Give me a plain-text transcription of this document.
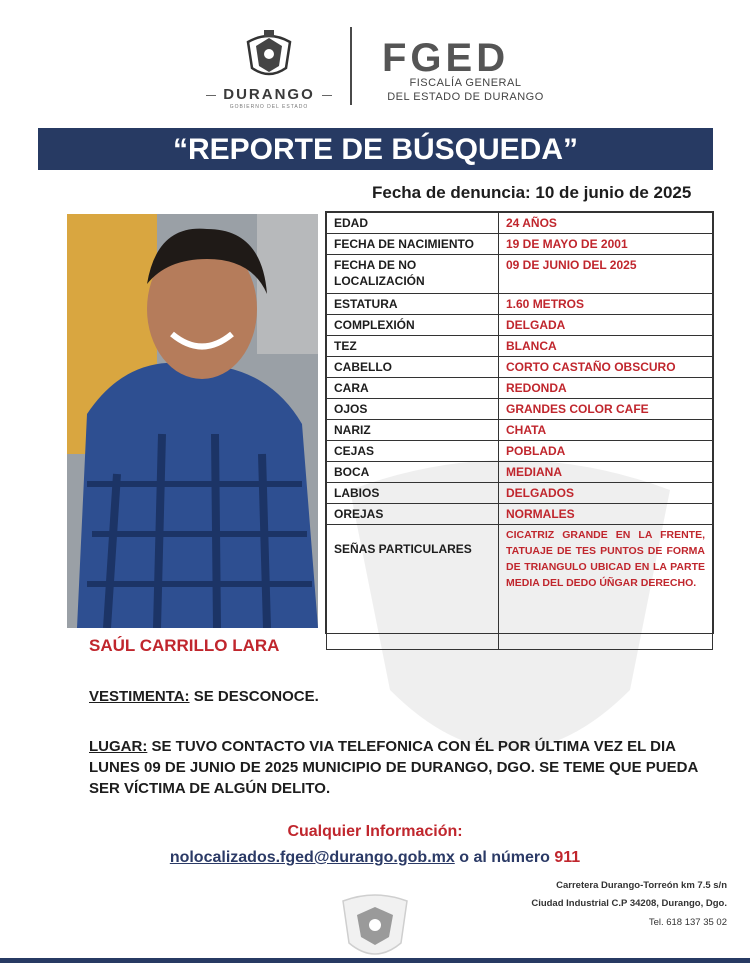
DURANGO
GOBIERNO DEL ESTADO
FGED
FISCALÍA GENERAL
DEL ESTADO DE DURANGO
“REPORTE DE BÚSQUEDA”
Fecha de denuncia: 10 de junio de 2025
EDAD	24 AÑOS
FECHA DE NACIMIENTO	19 DE MAYO DE 2001
FECHA DE NO LOCALIZACIÓN	09 DE JUNIO DEL 2025
ESTATURA	1.60 METROS
COMPLEXIÓN	DELGADA
TEZ	BLANCA
CABELLO	CORTO CASTAÑO OBSCURO
CARA	REDONDA
OJOS	GRANDES COLOR CAFE
NARIZ	CHATA
CEJAS	POBLADA
BOCA	MEDIANA
LABIOS	DELGADOS
OREJAS	NORMALES
SEÑAS PARTICULARES	CICATRIZ GRANDE EN LA FRENTE, TATUAJE DE TES PUNTOS DE FORMA DE TRIANGULO UBICAD EN LA PARTE MEDIA DEL DEDO ÚÑGAR DERECHO.
SAÚL CARRILLO LARA
VESTIMENTA: SE DESCONOCE.
LUGAR: SE TUVO CONTACTO VIA TELEFONICA CON ÉL POR ÚLTIMA VEZ EL DIA LUNES 09 DE JUNIO DE 2025 MUNICIPIO DE DURANGO, DGO. SE TEME QUE PUEDA SER VÍCTIMA DE ALGÚN DELITO.
Cualquier Información:
nolocalizados.fged@durango.gob.mx o al número 911
Carretera Durango-Torreón km 7.5 s/n
Ciudad Industrial C.P 34208, Durango, Dgo.
Tel. 618 137 35 02
